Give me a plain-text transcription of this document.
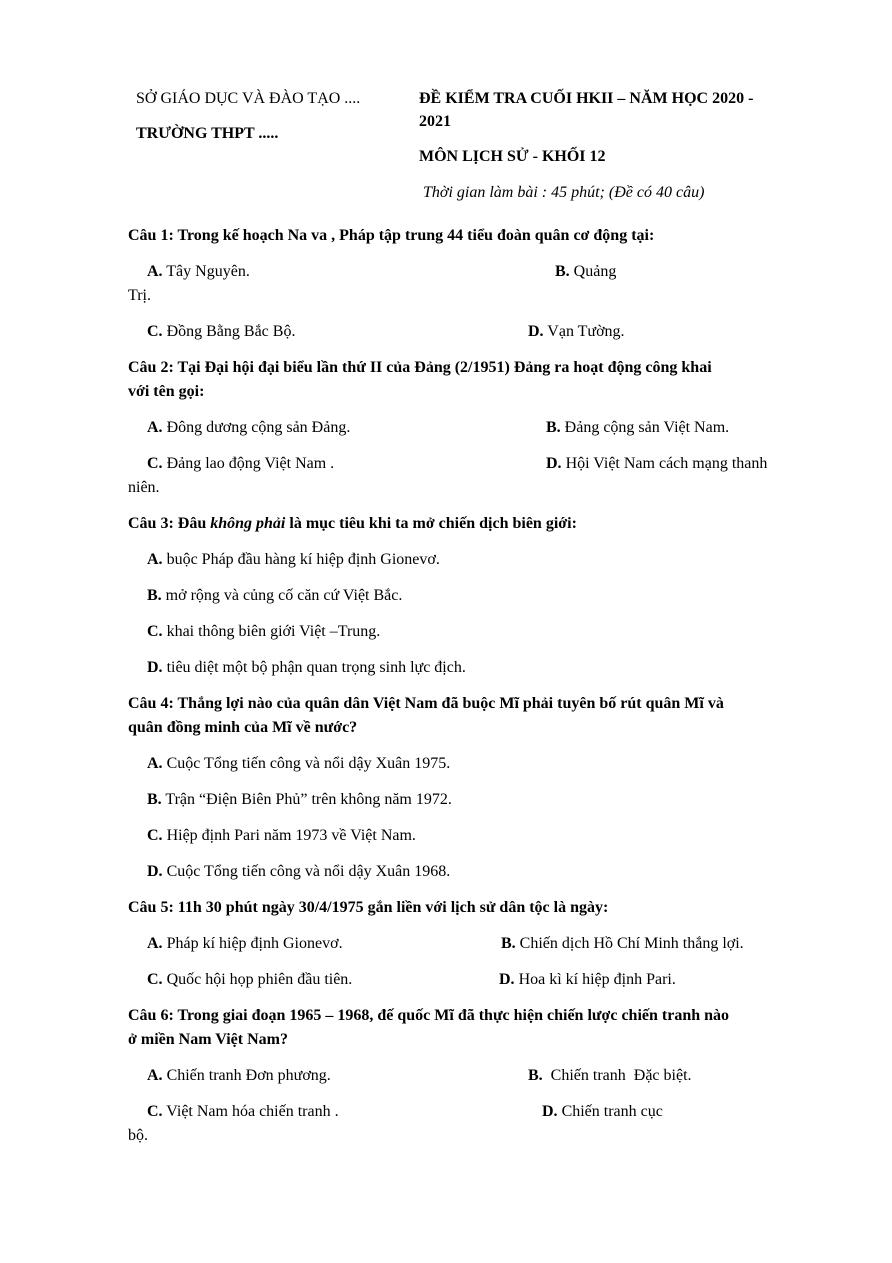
SỞ GIÁO DỤC VÀ ĐÀO TẠO ....
TRƯỜNG THPT .....
ĐỀ KIỂM TRA CUỐI HKII – NĂM HỌC 2020 -
2021
MÔN LỊCH SỬ - KHỐI 12
Thời gian làm bài : 45 phút; (Đề có 40 câu)
Câu 1: Trong kế hoạch Na va , Pháp tập trung 44 tiểu đoàn quân cơ động tại:
A. Tây Nguyên.	B. Quảng
Trị.
C. Đồng Bằng Bắc Bộ.	D. Vạn Tường.
Câu 2: Tại Đại hội đại biểu lần thứ II của Đảng (2/1951) Đảng ra hoạt động công khai
với tên gọi:
A. Đông dương cộng sản Đảng.	B. Đảng cộng sản Việt Nam.
C. Đảng lao động Việt Nam .	D. Hội Việt Nam cách mạng thanh
niên.
Câu 3: Đâu không phải là mục tiêu khi ta mở chiến dịch biên giới:
A. buộc Pháp đầu hàng kí hiệp định Gionevơ.
B. mở rộng và củng cố căn cứ Việt Bắc.
C. khai thông biên giới Việt –Trung.
D. tiêu diệt một bộ phận quan trọng sinh lực địch.
Câu 4: Thắng lợi nào của quân dân Việt Nam đã buộc Mĩ phải tuyên bố rút quân Mĩ và
quân đồng minh của Mĩ về nước?
A. Cuộc Tổng tiến công và nổi dậy Xuân 1975.
B. Trận “Điện Biên Phủ” trên không năm 1972.
C. Hiệp định Pari năm 1973 về Việt Nam.
D. Cuộc Tổng tiến công và nổi dậy Xuân 1968.
Câu 5: 11h 30 phút ngày 30/4/1975 gắn liền với lịch sử dân tộc là ngày:
A. Pháp kí hiệp định Gionevơ.	B. Chiến dịch Hồ Chí Minh thắng lợi.
C. Quốc hội họp phiên đầu tiên.	D. Hoa kì kí hiệp định Pari.
Câu 6: Trong giai đoạn 1965 – 1968, đế quốc Mĩ đã thực hiện chiến lược chiến tranh nào
ở miền Nam Việt Nam?
A. Chiến tranh Đơn phương.	B.  Chiến tranh  Đặc biệt.
C. Việt Nam hóa chiến tranh .	D. Chiến tranh cục
bộ.
